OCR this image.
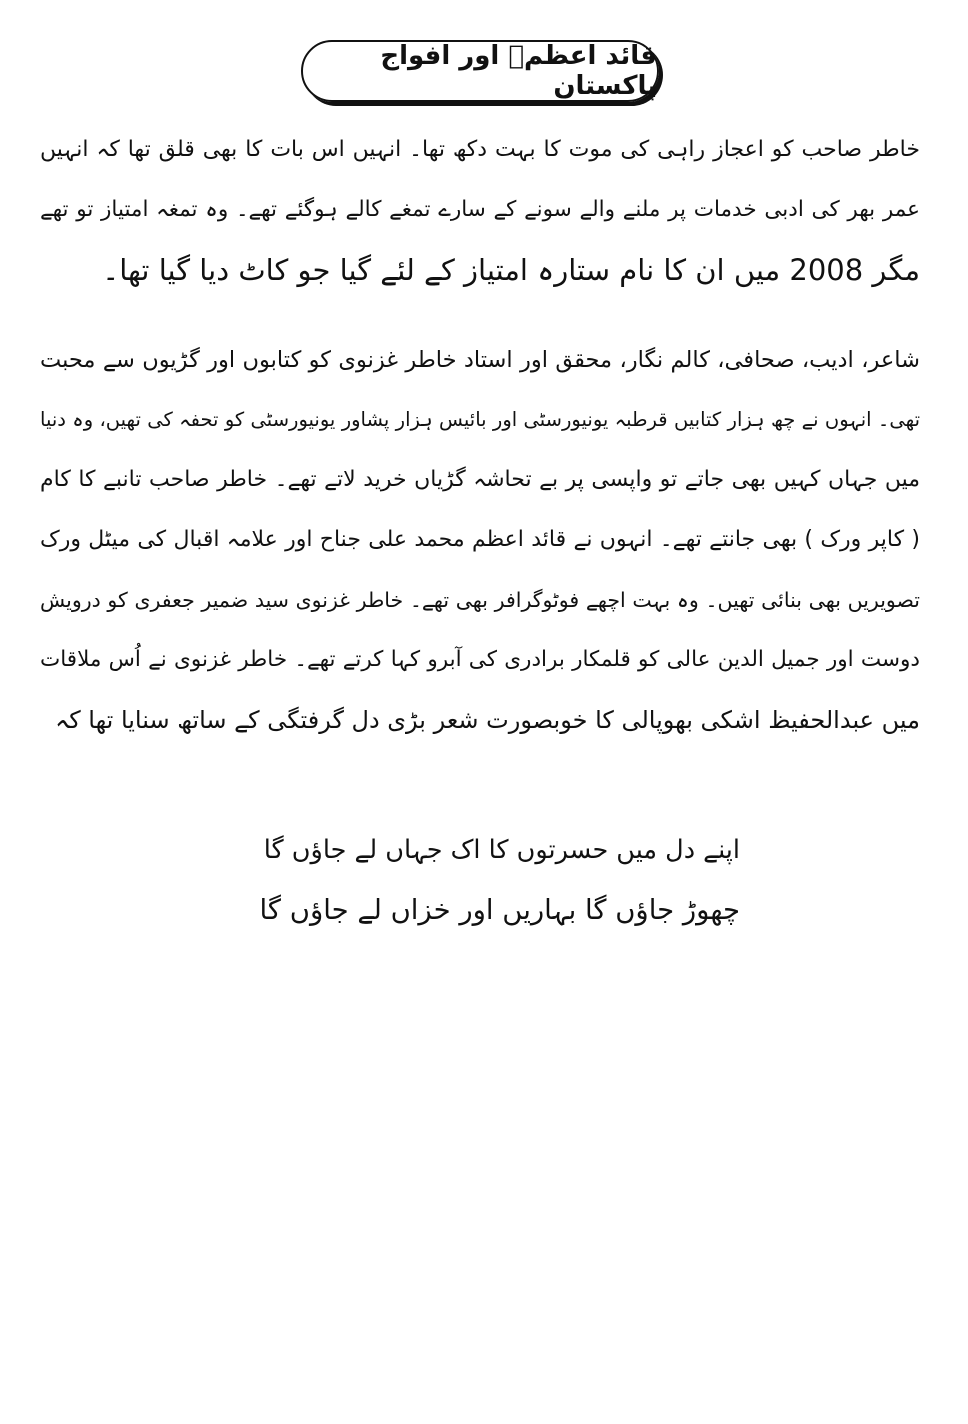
قائد اعظمؒ اور افواج پاکستان
خاطر صاحب کو اعجاز راہی کی موت کا بہت دکھ تھا۔ انہیں اس بات کا بھی قلق تھا کہ انہیں
عمر بھر کی ادبی خدمات پر ملنے والے سونے کے سارے تمغے کالے ہوگئے تھے۔ وہ تمغہ امتیاز تو تھے
مگر 2008 میں ان کا نام ستارہ امتیاز کے لئے گیا جو کاٹ دیا گیا تھا۔
شاعر، ادیب، صحافی، کالم نگار، محقق اور استاد خاطر غزنوی کو کتابوں اور گڑیوں سے محبت
تھی۔ انہوں نے چھ ہزار کتابیں قرطبہ یونیورسٹی اور بائیس ہزار پشاور یونیورسٹی کو تحفہ کی تھیں، وہ دنیا
میں جہاں کہیں بھی جاتے تو واپسی پر بے تحاشہ گڑیاں خرید لاتے تھے۔ خاطر صاحب تانبے کا کام
( کاپر ورک ) بھی جانتے تھے۔ انہوں نے قائد اعظم محمد علی جناح اور علامہ اقبال کی میٹل ورک
تصویریں بھی بنائی تھیں۔ وہ بہت اچھے فوٹوگرافر بھی تھے۔ خاطر غزنوی سید ضمیر جعفری کو درویش
دوست اور جمیل الدین عالی کو قلمکار برادری کی آبرو کہا کرتے تھے۔ خاطر غزنوی نے اُس ملاقات
میں عبدالحفیظ اشکی بھوپالی کا خوبصورت شعر بڑی دل گرفتگی کے ساتھ سنایا تھا کہ
اپنے دل میں حسرتوں کا اک جہاں لے جاؤں گا
چھوڑ جاؤں گا بہاریں اور خزاں لے جاؤں گا
